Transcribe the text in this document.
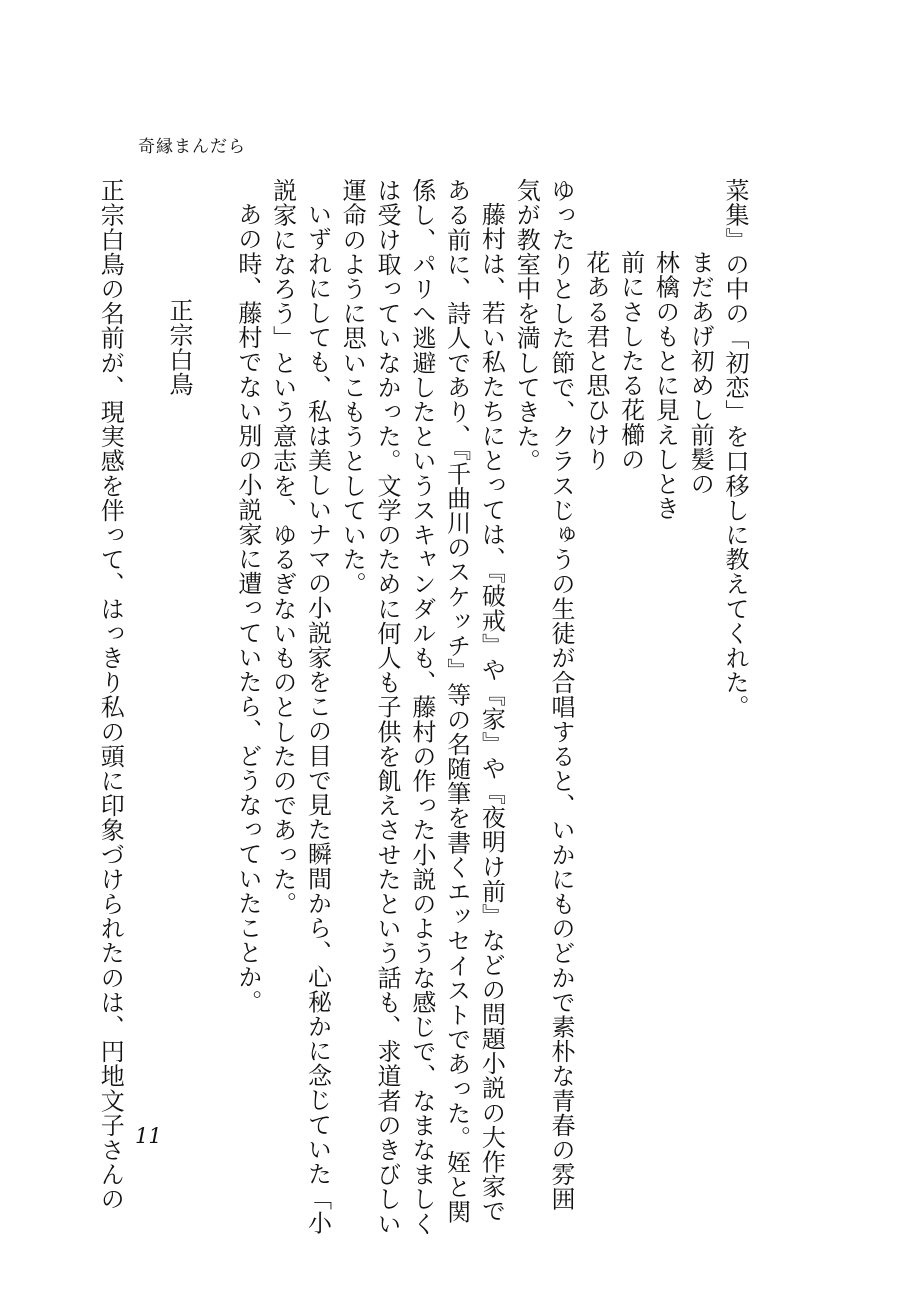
奇縁まんだら
菜集』の中の「初恋」を口移しに教えてくれた。
まだあげ初めし前髪の
林檎のもとに見えしとき
前にさしたる花櫛の
花ある君と思ひけり
ゆったりとした節で、クラスじゅうの生徒が合唱すると、いかにものどかで素朴な青春の雰囲
気が教室中を満してきた。
藤村は、若い私たちにとっては、『破戒』や『家』や『夜明け前』などの問題小説の大作家で
ある前に、詩人であり、『千曲川のスケッチ』等の名随筆を書くエッセイストであった。姪と関
係し、パリへ逃避したというスキャンダルも、藤村の作った小説のような感じで、なまなましく
は受け取っていなかった。文学のために何人も子供を飢えさせたという話も、求道者のきびしい
運命のように思いこもうとしていた。
いずれにしても、私は美しいナマの小説家をこの目で見た瞬間から、心秘かに念じていた「小
説家になろう」という意志を、ゆるぎないものとしたのであった。
あの時、藤村でない別の小説家に遭っていたら、どうなっていたことか。
正宗白鳥
正宗白鳥の名前が、現実感を伴って、はっきり私の頭に印象づけられたのは、円地文子さんの 11
